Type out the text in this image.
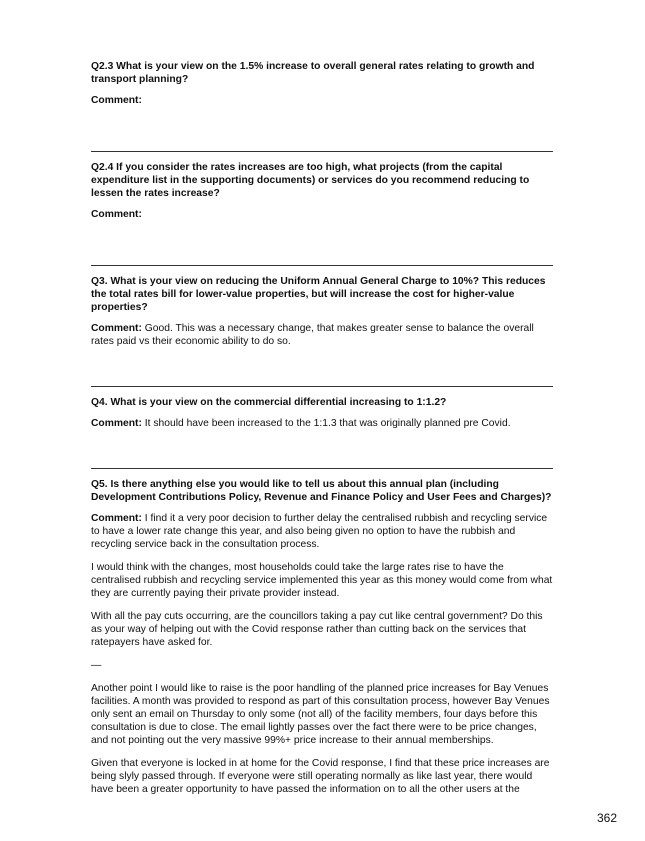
Q2.3 What is your view on the 1.5% increase to overall general rates relating to growth and transport planning?

Comment:

Q2.4 If you consider the rates increases are too high, what projects (from the capital expenditure list in the supporting documents) or services do you recommend reducing to lessen the rates increase?

Comment:

Q3. What is your view on reducing the Uniform Annual General Charge to 10%? This reduces the total rates bill for lower-value properties, but will increase the cost for higher-value properties?

Comment: Good. This was a necessary change, that makes greater sense to balance the overall rates paid vs their economic ability to do so.

Q4. What is your view on the commercial differential increasing to 1:1.2?

Comment: It should have been increased to the 1:1.3 that was originally planned pre Covid.

Q5. Is there anything else you would like to tell us about this annual plan (including Development Contributions Policy, Revenue and Finance Policy and User Fees and Charges)?

Comment: I find it a very poor decision to further delay the centralised rubbish and recycling service to have a lower rate change this year, and also being given no option to have the rubbish and recycling service back in the consultation process.

I would think with the changes, most households could take the large rates rise to have the centralised rubbish and recycling service implemented this year as this money would come from what they are currently paying their private provider instead.

With all the pay cuts occurring, are the councillors taking a pay cut like central government? Do this as your way of helping out with the Covid response rather than cutting back on the services that ratepayers have asked for.

—

Another point I would like to raise is the poor handling of the planned price increases for Bay Venues facilities. A month was provided to respond as part of this consultation process, however Bay Venues only sent an email on Thursday to only some (not all) of the facility members, four days before this consultation is due to close. The email lightly passes over the fact there were to be price changes, and not pointing out the very massive 99%+ price increase to their annual memberships.

Given that everyone is locked in at home for the Covid response, I find that these price increases are being slyly passed through. If everyone were still operating normally as like last year, there would have been a greater opportunity to have passed the information on to all the other users at the

362
